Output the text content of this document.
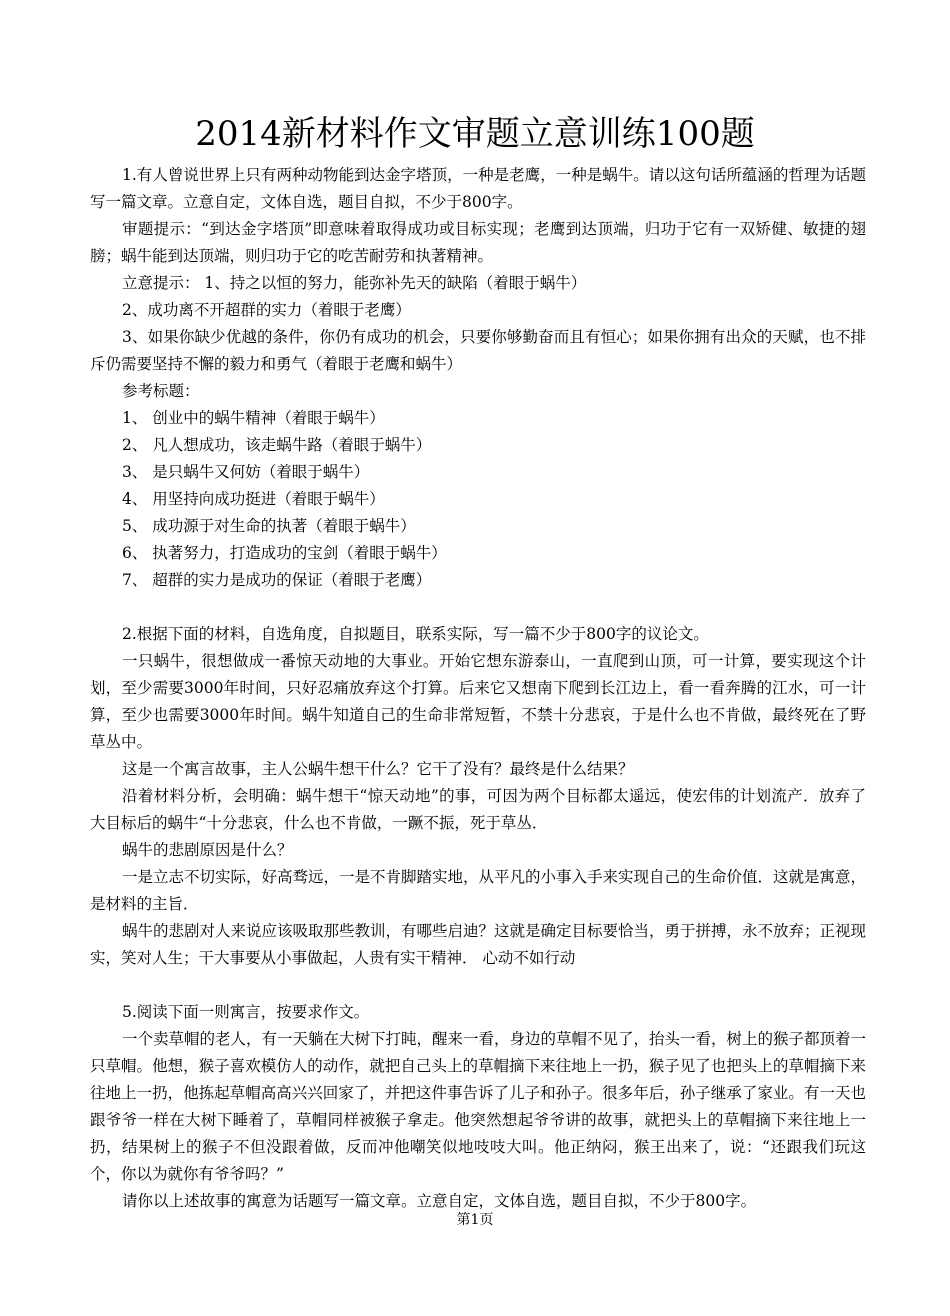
2014新材料作文审题立意训练100题

1.有人曾说世界上只有两种动物能到达金字塔顶，一种是老鹰，一种是蜗牛。请以这句话所蕴涵的哲理为话题写一篇文章。立意自定，文体自选，题目自拟，不少于800字。

审题提示：“到达金字塔顶”即意味着取得成功或目标实现；老鹰到达顶端，归功于它有一双矫健、敏捷的翅膀；蜗牛能到达顶端，则归功于它的吃苦耐劳和执著精神。

立意提示： 1、持之以恒的努力，能弥补先天的缺陷（着眼于蜗牛）

2、成功离不开超群的实力（着眼于老鹰）

3、如果你缺少优越的条件，你仍有成功的机会，只要你够勤奋而且有恒心；如果你拥有出众的天赋，也不排斥仍需要坚持不懈的毅力和勇气（着眼于老鹰和蜗牛）

参考标题：

1、 创业中的蜗牛精神（着眼于蜗牛）

2、 凡人想成功，该走蜗牛路（着眼于蜗牛）

3、 是只蜗牛又何妨（着眼于蜗牛）

4、 用坚持向成功挺进（着眼于蜗牛）

5、 成功源于对生命的执著（着眼于蜗牛）

6、 执著努力，打造成功的宝剑（着眼于蜗牛）

7、 超群的实力是成功的保证（着眼于老鹰）

2.根据下面的材料，自选角度，自拟题目，联系实际，写一篇不少于800字的议论文。

一只蜗牛，很想做成一番惊天动地的大事业。开始它想东游泰山，一直爬到山顶，可一计算，要实现这个计划，至少需要3000年时间，只好忍痛放弃这个打算。后来它又想南下爬到长江边上，看一看奔腾的江水，可一计算，至少也需要3000年时间。蜗牛知道自己的生命非常短暂，不禁十分悲哀，于是什么也不肯做，最终死在了野草丛中。

这是一个寓言故事，主人公蜗牛想干什么？它干了没有？最终是什么结果？

沿着材料分析，会明确：蜗牛想干“惊天动地”的事，可因为两个目标都太遥远，使宏伟的计划流产．放弃了大目标后的蜗牛“十分悲哀，什么也不肯做，一蹶不振，死于草丛．

蜗牛的悲剧原因是什么？

一是立志不切实际，好高骛远，一是不肯脚踏实地，从平凡的小事入手来实现自己的生命价值．这就是寓意，是材料的主旨．

蜗牛的悲剧对人来说应该吸取那些教训，有哪些启迪？这就是确定目标要恰当，勇于拼搏，永不放弃；正视现实，笑对人生；干大事要从小事做起，人贵有实干精神． 心动不如行动

5.阅读下面一则寓言，按要求作文。

一个卖草帽的老人，有一天躺在大树下打盹，醒来一看，身边的草帽不见了，抬头一看，树上的猴子都顶着一只草帽。他想，猴子喜欢模仿人的动作，就把自己头上的草帽摘下来往地上一扔，猴子见了也把头上的草帽摘下来往地上一扔，他拣起草帽高高兴兴回家了，并把这件事告诉了儿子和孙子。很多年后，孙子继承了家业。有一天也跟爷爷一样在大树下睡着了，草帽同样被猴子拿走。他突然想起爷爷讲的故事，就把头上的草帽摘下来往地上一扔，结果树上的猴子不但没跟着做，反而冲他嘲笑似地吱吱大叫。他正纳闷，猴王出来了，说：“还跟我们玩这个，你以为就你有爷爷吗？”

请你以上述故事的寓意为话题写一篇文章。立意自定，文体自选，题目自拟，不少于800字。

第1页
